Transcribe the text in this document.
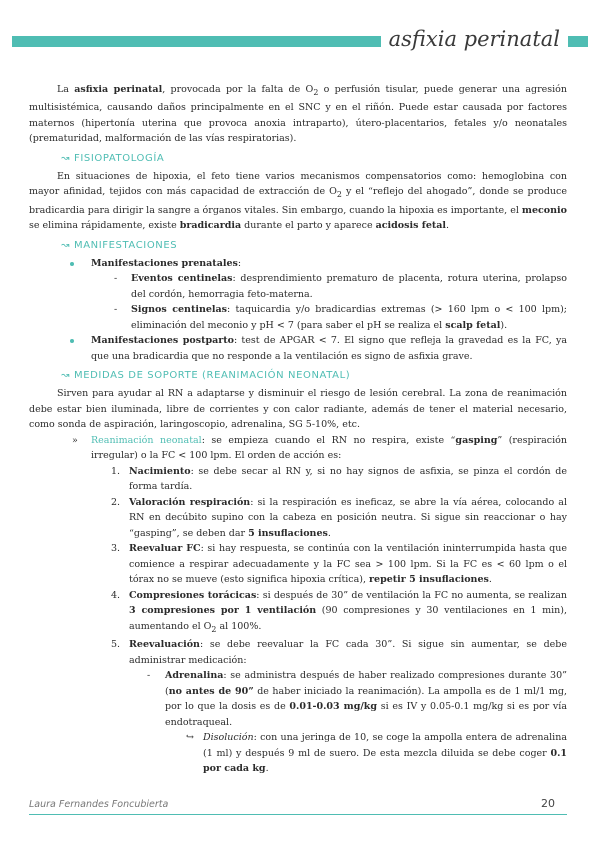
asfixia perinatal

La asfixia perinatal, provocada por la falta de $O_2$ o perfusión tisular, puede generar una agresión multisistémica, causando daños principalmente en el SNC y en el riñón. Puede estar causada por factores maternos (hipertonía uterina que provoca anoxia intraparto), útero-placentarios, fetales y/o neonatales (prematuridad, malformación de las vías respiratorias).

↝ FISIOPATOLOGÍA

En situaciones de hipoxia, el feto tiene varios mecanismos compensatorios como: hemoglobina con mayor afinidad, tejidos con más capacidad de extracción de $O_2$ y el “reflejo del ahogado”, donde se produce bradicardia para dirigir la sangre a órganos vitales. Sin embargo, cuando la hipoxia es importante, el meconio se elimina rápidamente, existe bradicardia durante el parto y aparece acidosis fetal.

↝ MANIFESTACIONES
Manifestaciones prenatales:
- Eventos centinelas: desprendimiento prematuro de placenta, rotura uterina, prolapso del cordón, hemorragia feto-materna.
- Signos centinelas: taquicardia y/o bradicardias extremas (> 160 lpm o < 100 lpm); eliminación del meconio y pH < 7 (para saber el pH se realiza el scalp fetal).
Manifestaciones postparto: test de APGAR < 7. El signo que refleja la gravedad es la FC, ya que una bradicardia que no responde a la ventilación es signo de asfixia grave.
↝ MEDIDAS DE SOPORTE (REANIMACIÓN NEONATAL)

Sirven para ayudar al RN a adaptarse y disminuir el riesgo de lesión cerebral. La zona de reanimación debe estar bien iluminada, libre de corrientes y con calor radiante, además de tener el material necesario, como sonda de aspiración, laringoscopio, adrenalina, SG 5-10%, etc.

» Reanimación neonatal: se empieza cuando el RN no respira, existe “gasping” (respiración irregular) o la FC < 100 lpm. El orden de acción es:
1. Nacimiento: se debe secar al RN y, si no hay signos de asfixia, se pinza el cordón de forma tardía.
2. Valoración respiración: si la respiración es ineficaz, se abre la vía aérea, colocando al RN en decúbito supino con la cabeza en posición neutra. Si sigue sin reaccionar o hay “gasping”, se deben dar 5 insuflaciones.
3. Reevaluar FC: si hay respuesta, se continúa con la ventilación ininterrumpida hasta que comience a respirar adecuadamente y la FC sea > 100 lpm. Si la FC es < 60 lpm o el tórax no se mueve (esto significa hipoxia crítica), repetir 5 insuflaciones.
4. Compresiones torácicas: si después de 30” de ventilación la FC no aumenta, se realizan 3 compresiones por 1 ventilación (90 compresiones y 30 ventilaciones en 1 min), aumentando el $O_2$ al 100%.
5. Reevaluación: se debe reevaluar la FC cada 30”. Si sigue sin aumentar, se debe administrar medicación:
- Adrenalina: se administra después de haber realizado compresiones durante 30” (no antes de 90” de haber iniciado la reanimación). La ampolla es de 1 ml/1 mg, por lo que la dosis es de 0.01-0.03 mg/kg si es IV y 0.05-0.1 mg/kg si es por vía endotraqueal.
↪ Disolución: con una jeringa de 10, se coge la ampolla entera de adrenalina (1 ml) y después 9 ml de suero. De esta mezcla diluida se debe coger 0.1 por cada kg.
Laura Fernandes Foncubierta	20
